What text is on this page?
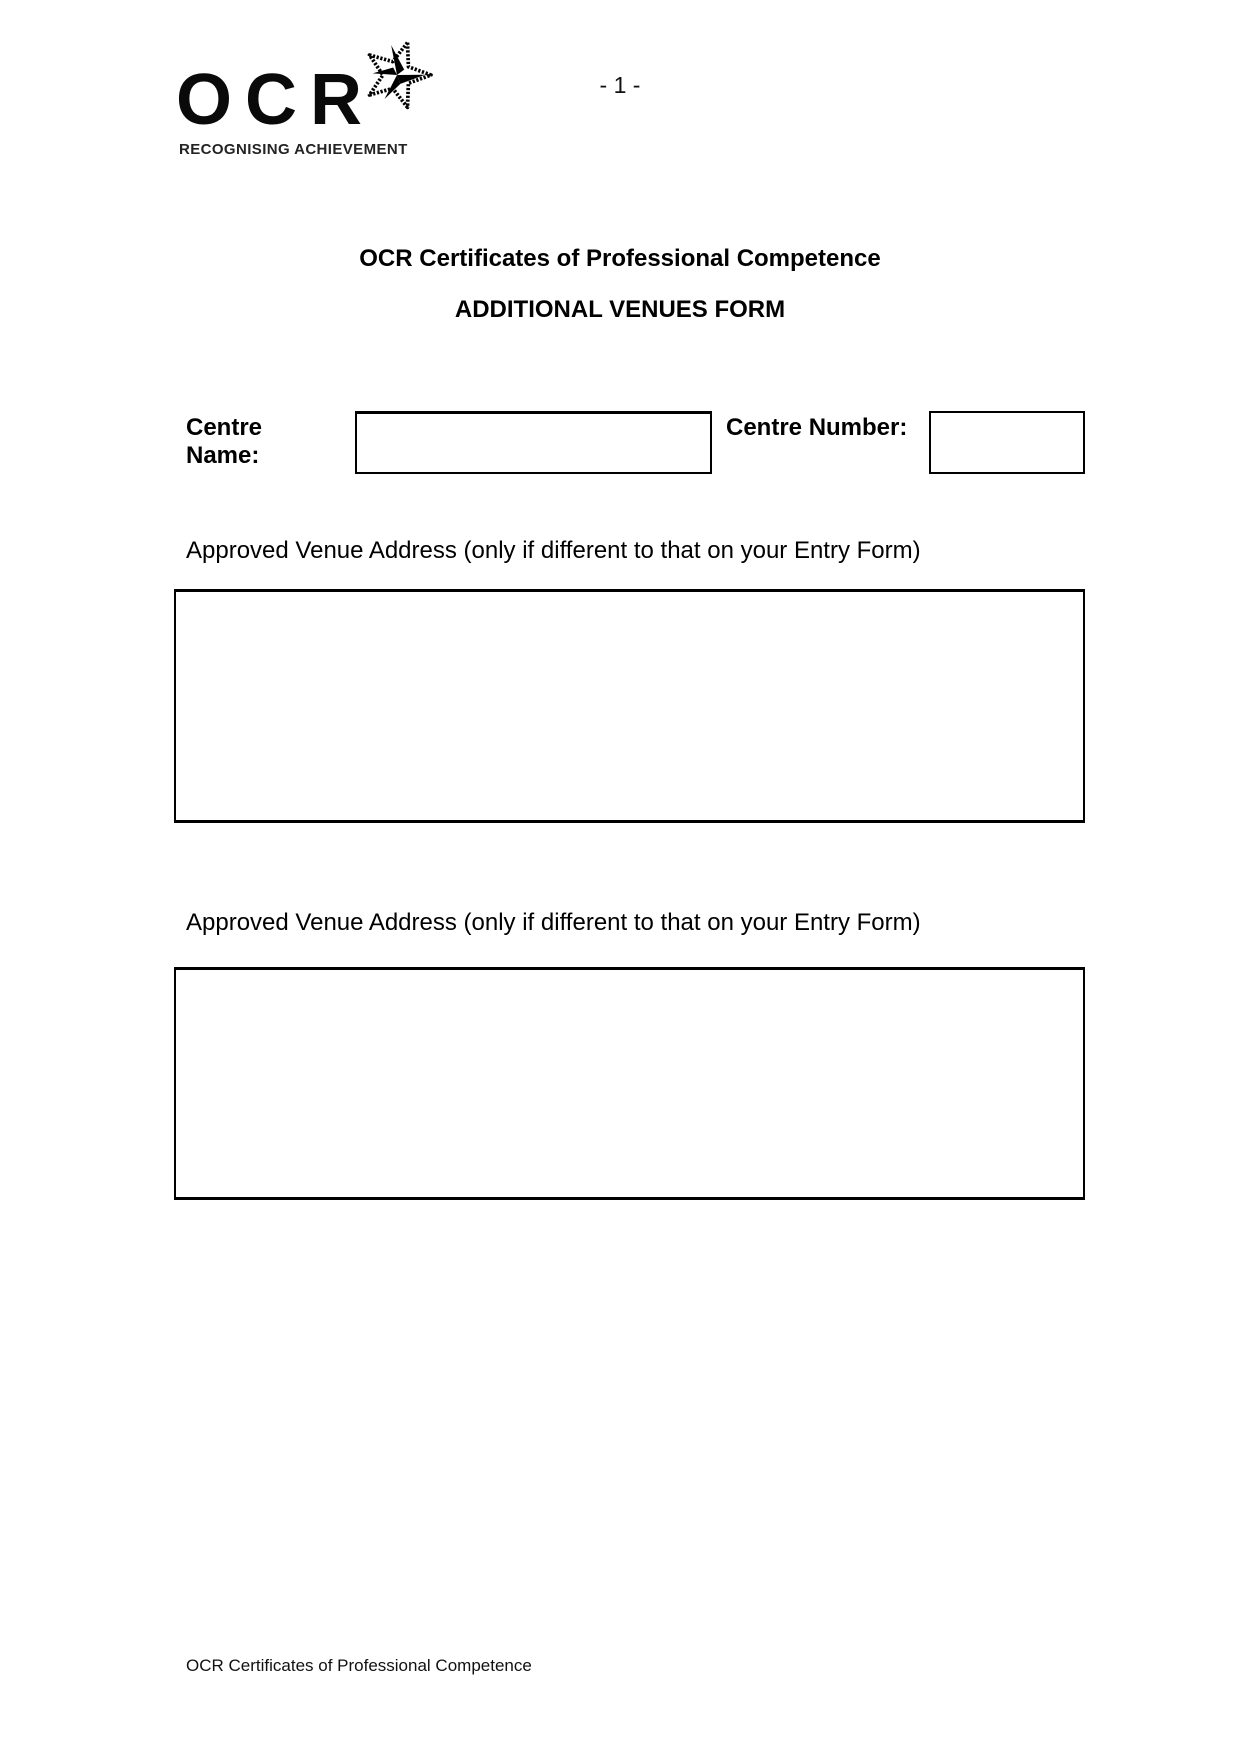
OCR
RECOGNISING ACHIEVEMENT
- 1 -
OCR Certificates of Professional Competence
ADDITIONAL VENUES FORM
Centre Name:
Centre Number:
Approved Venue Address (only if different to that on your Entry Form)
Approved Venue Address (only if different to that on your Entry Form)
OCR Certificates of Professional Competence
